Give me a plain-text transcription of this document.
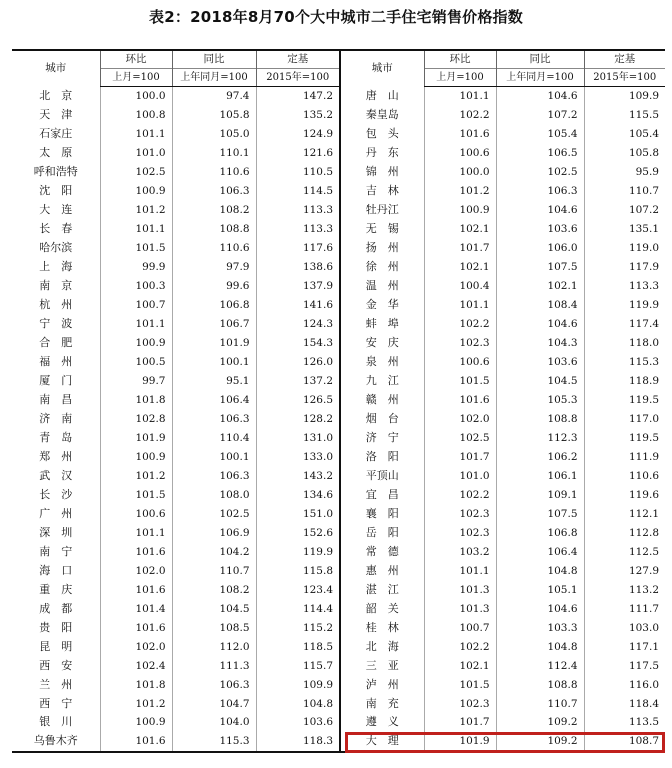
表2：2018年8月70个大中城市二手住宅销售价格指数
城市	环比	同比	定基	城市	环比	同比	定基
	上月=100	上年同月=100	2015年=100		上月=100	上年同月=100	2015年=100
北　京	100.0	97.4	147.2	唐　山	101.1	104.6	109.9
天　津	100.8	105.8	135.2	秦皇岛	102.2	107.2	115.5
石家庄	101.1	105.0	124.9	包　头	101.6	105.4	105.4
太　原	101.0	110.1	121.6	丹　东	100.6	106.5	105.8
呼和浩特	102.5	110.6	110.5	锦　州	100.0	102.5	95.9
沈　阳	100.9	106.3	114.5	吉　林	101.2	106.3	110.7
大　连	101.2	108.2	113.3	牡丹江	100.9	104.6	107.2
长　春	101.1	108.8	113.3	无　锡	102.1	103.6	135.1
哈尔滨	101.5	110.6	117.6	扬　州	101.7	106.0	119.0
上　海	99.9	97.9	138.6	徐　州	102.1	107.5	117.9
南　京	100.3	99.6	137.9	温　州	100.4	102.1	113.3
杭　州	100.7	106.8	141.6	金　华	101.1	108.4	119.9
宁　波	101.1	106.7	124.3	蚌　埠	102.2	104.6	117.4
合　肥	100.9	101.9	154.3	安　庆	102.3	104.3	118.0
福　州	100.5	100.1	126.0	泉　州	100.6	103.6	115.3
厦　门	99.7	95.1	137.2	九　江	101.5	104.5	118.9
南　昌	101.8	106.4	126.5	赣　州	101.6	105.3	119.5
济　南	102.8	106.3	128.2	烟　台	102.0	108.8	117.0
青　岛	101.9	110.4	131.0	济　宁	102.5	112.3	119.5
郑　州	100.9	100.1	133.0	洛　阳	101.7	106.2	111.9
武　汉	101.2	106.3	143.2	平顶山	101.0	106.1	110.6
长　沙	101.5	108.0	134.6	宜　昌	102.2	109.1	119.6
广　州	100.6	102.5	151.0	襄　阳	102.3	107.5	112.1
深　圳	101.1	106.9	152.6	岳　阳	102.3	106.8	112.8
南　宁	101.6	104.2	119.9	常　德	103.2	106.4	112.5
海　口	102.0	110.7	115.8	惠　州	101.1	104.8	127.9
重　庆	101.6	108.2	123.4	湛　江	101.3	105.1	113.2
成　都	101.4	104.5	114.4	韶　关	101.3	104.6	111.7
贵　阳	101.6	108.5	115.2	桂　林	100.7	103.3	103.0
昆　明	102.0	112.0	118.5	北　海	102.2	104.8	117.1
西　安	102.4	111.3	115.7	三　亚	102.1	112.4	117.5
兰　州	101.8	106.3	109.9	泸　州	101.5	108.8	116.0
西　宁	101.2	104.7	104.8	南　充	102.3	110.7	118.4
银　川	100.9	104.0	103.6	遵　义	101.7	109.2	113.5
乌鲁木齐	101.6	115.3	118.3	大　理	101.9	109.2	108.7
